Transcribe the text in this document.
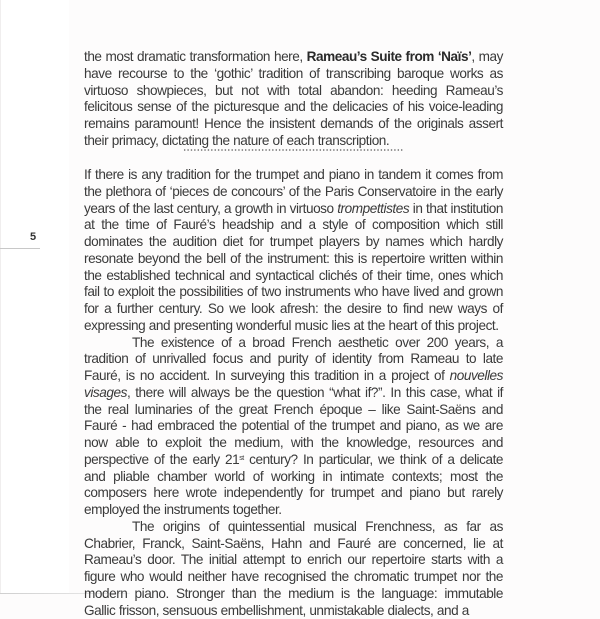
5

the most dramatic transformation here, Rameau’s Suite from ‘Naïs’, may have recourse to the ‘gothic’ tradition of transcribing baroque works as virtuoso showpieces, but not with total abandon: heeding Rameau’s felicitous sense of the picturesque and the delicacies of his voice-leading remains paramount! Hence the insistent demands of the originals assert their primacy, dictating the nature of each transcription.

If there is any tradition for the trumpet and piano in tandem it comes from the plethora of ‘pieces de concours’ of the Paris Conservatoire in the early years of the last century, a growth in virtuoso trompettistes in that institution at the time of Fauré’s headship and a style of composition which still dominates the audition diet for trumpet players by names which hardly resonate beyond the bell of the instrument: this is repertoire written within the established technical and syntactical clichés of their time, ones which fail to exploit the possibilities of two instruments who have lived and grown for a further century. So we look afresh: the desire to find new ways of expressing and presenting wonderful music lies at the heart of this project.

The existence of a broad French aesthetic over 200 years, a tradition of unrivalled focus and purity of identity from Rameau to late Fauré, is no accident. In surveying this tradition in a project of nouvelles visages, there will always be the question “what if?”. In this case, what if the real luminaries of the great French époque – like Saint-Saëns and Fauré - had embraced the potential of the trumpet and piano, as we are now able to exploit the medium, with the knowledge, resources and perspective of the early 21st century? In particular, we think of a delicate and pliable chamber world of working in intimate contexts; most the composers here wrote independently for trumpet and piano but rarely employed the instruments together.

The origins of quintessential musical Frenchness, as far as Chabrier, Franck, Saint-Saëns, Hahn and Fauré are concerned, lie at Rameau’s door. The initial attempt to enrich our repertoire starts with a figure who would neither have recognised the chromatic trumpet nor the modern piano. Stronger than the medium is the language: immutable Gallic frisson, sensuous embellishment, unmistakable dialects, and a
